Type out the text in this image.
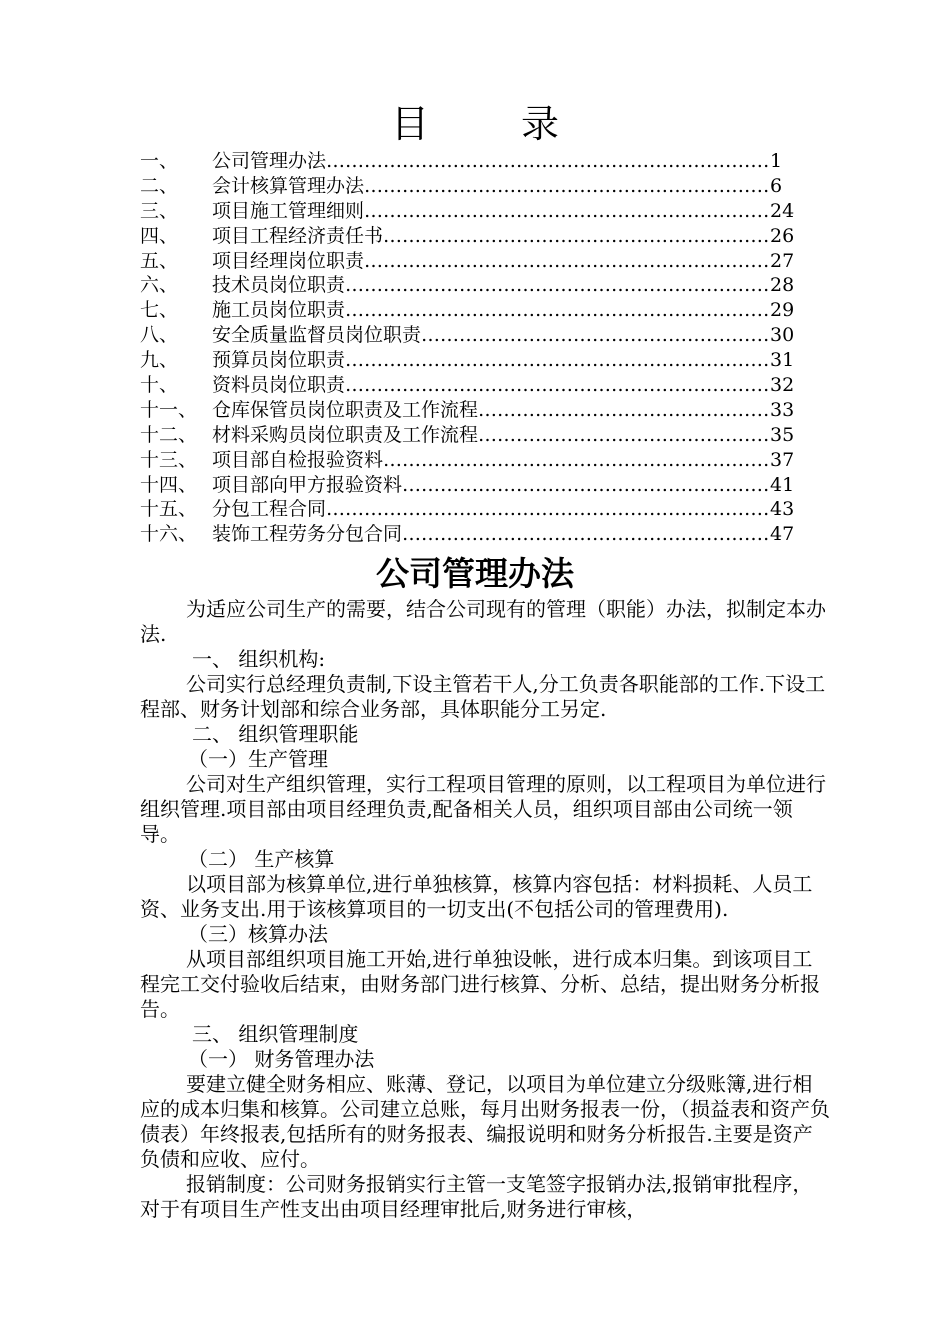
目 录
一、	公司管理办法 ……………………………………………………………………………………………………………………………………	1
二、	会计核算管理办法 ……………………………………………………………………………………………………………………………………	6
三、	项目施工管理细则 ……………………………………………………………………………………………………………………………………	24
四、	项目工程经济责任书 ……………………………………………………………………………………………………………………………………	26
五、	项目经理岗位职责 ……………………………………………………………………………………………………………………………………	27
六、	技术员岗位职责 ……………………………………………………………………………………………………………………………………	28
七、	施工员岗位职责 ……………………………………………………………………………………………………………………………………	29
八、	安全质量监督员岗位职责 ……………………………………………………………………………………………………………………………………	30
九、	预算员岗位职责 ……………………………………………………………………………………………………………………………………	31
十、	资料员岗位职责 ……………………………………………………………………………………………………………………………………	32
十一、 仓库保管员岗位职责及工作流程 ……………………………………………………………………………………………………………………………………	33
十二、 材料采购员岗位职责及工作流程 ……………………………………………………………………………………………………………………………………	35
十三、 项目部自检报验资料 ……………………………………………………………………………………………………………………………………	37
十四、 项目部向甲方报验资料 ……………………………………………………………………………………………………………………………………	41
十五、 分包工程合同 ……………………………………………………………………………………………………………………………………	43
十六、 装饰工程劳务分包合同 ……………………………………………………………………………………………………………………………………	47
公司管理办法

为适应公司生产的需要，结合公司现有的管理（职能）办法，拟制定本办法.

一、 组织机构:

公司实行总经理负责制,下设主管若干人,分工负责各职能部的工作.下设工程部、财务计划部和综合业务部，具体职能分工另定.

二、 组织管理职能

（一）生产管理

公司对生产组织管理，实行工程项目管理的原则，以工程项目为单位进行组织管理.项目部由项目经理负责,配备相关人员，组织项目部由公司统一领导。

（二） 生产核算

以项目部为核算单位,进行单独核算，核算内容包括：材料损耗、人员工资、业务支出.用于该核算项目的一切支出(不包括公司的管理费用).

（三）核算办法

从项目部组织项目施工开始,进行单独设帐，进行成本归集。到该项目工程完工交付验收后结束，由财务部门进行核算、分析、总结，提出财务分析报告。

三、 组织管理制度

（一） 财务管理办法

要建立健全财务相应、账薄、登记，以项目为单位建立分级账簿,进行相应的成本归集和核算。公司建立总账，每月出财务报表一份，（损益表和资产负债表）年终报表,包括所有的财务报表、编报说明和财务分析报告.主要是资产负债和应收、应付。

报销制度：公司财务报销实行主管一支笔签字报销办法,报销审批程序，对于有项目生产性支出由项目经理审批后,财务进行审核，
